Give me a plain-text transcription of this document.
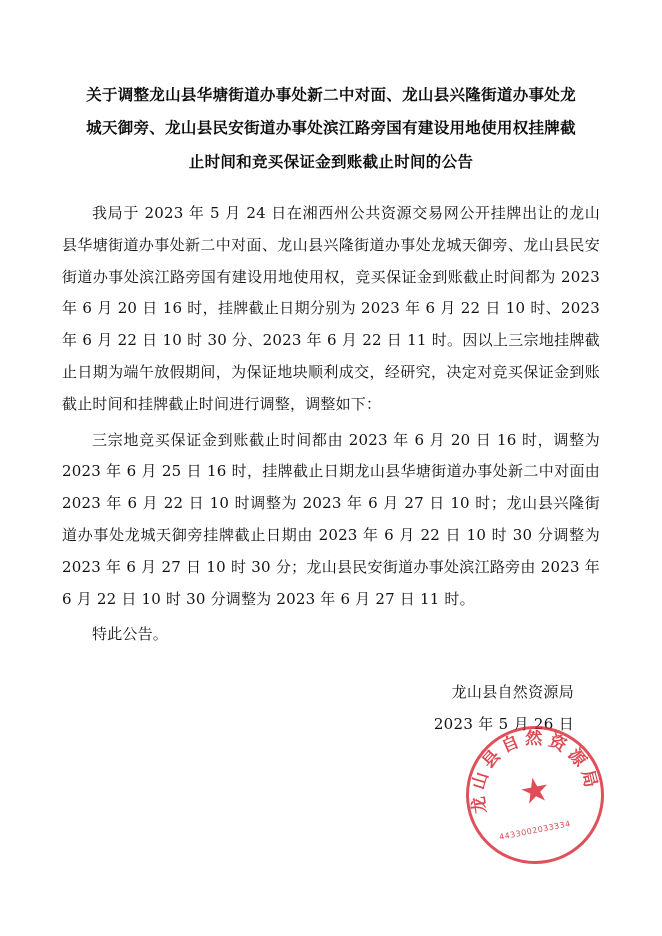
关于调整龙山县华塘街道办事处新二中对面、龙山县兴隆街道办事处龙
城天御旁、龙山县民安街道办事处滨江路旁国有建设用地使用权挂牌截
止时间和竞买保证金到账截止时间的公告

我局于 2023 年 5 月 24 日在湘西州公共资源交易网公开挂牌出让的龙山县华塘街道办事处新二中对面、龙山县兴隆街道办事处龙城天御旁、龙山县民安街道办事处滨江路旁国有建设用地使用权，竞买保证金到账截止时间都为 2023 年 6 月 20 日 16 时，挂牌截止日期分别为 2023 年 6 月 22 日 10 时、2023 年 6 月 22 日 10 时 30 分、2023 年 6 月 22 日 11 时。因以上三宗地挂牌截止日期为端午放假期间，为保证地块顺利成交，经研究，决定对竞买保证金到账截止时间和挂牌截止时间进行调整，调整如下：

三宗地竞买保证金到账截止时间都由 2023 年 6 月 20 日 16 时，调整为 2023 年 6 月 25 日 16 时，挂牌截止日期龙山县华塘街道办事处新二中对面由 2023 年 6 月 22 日 10 时调整为 2023 年 6 月 27 日 10 时；龙山县兴隆街道办事处龙城天御旁挂牌截止日期由 2023 年 6 月 22 日 10 时 30 分调整为 2023 年 6 月 27 日 10 时 30 分；龙山县民安街道办事处滨江路旁由 2023 年 6 月 22 日 10 时 30 分调整为 2023 年 6 月 27 日 11 时。

特此公告。

龙山县自然资源局
2023 年 5 月 26 日
龙山县自然资源局
★
4433002033334
